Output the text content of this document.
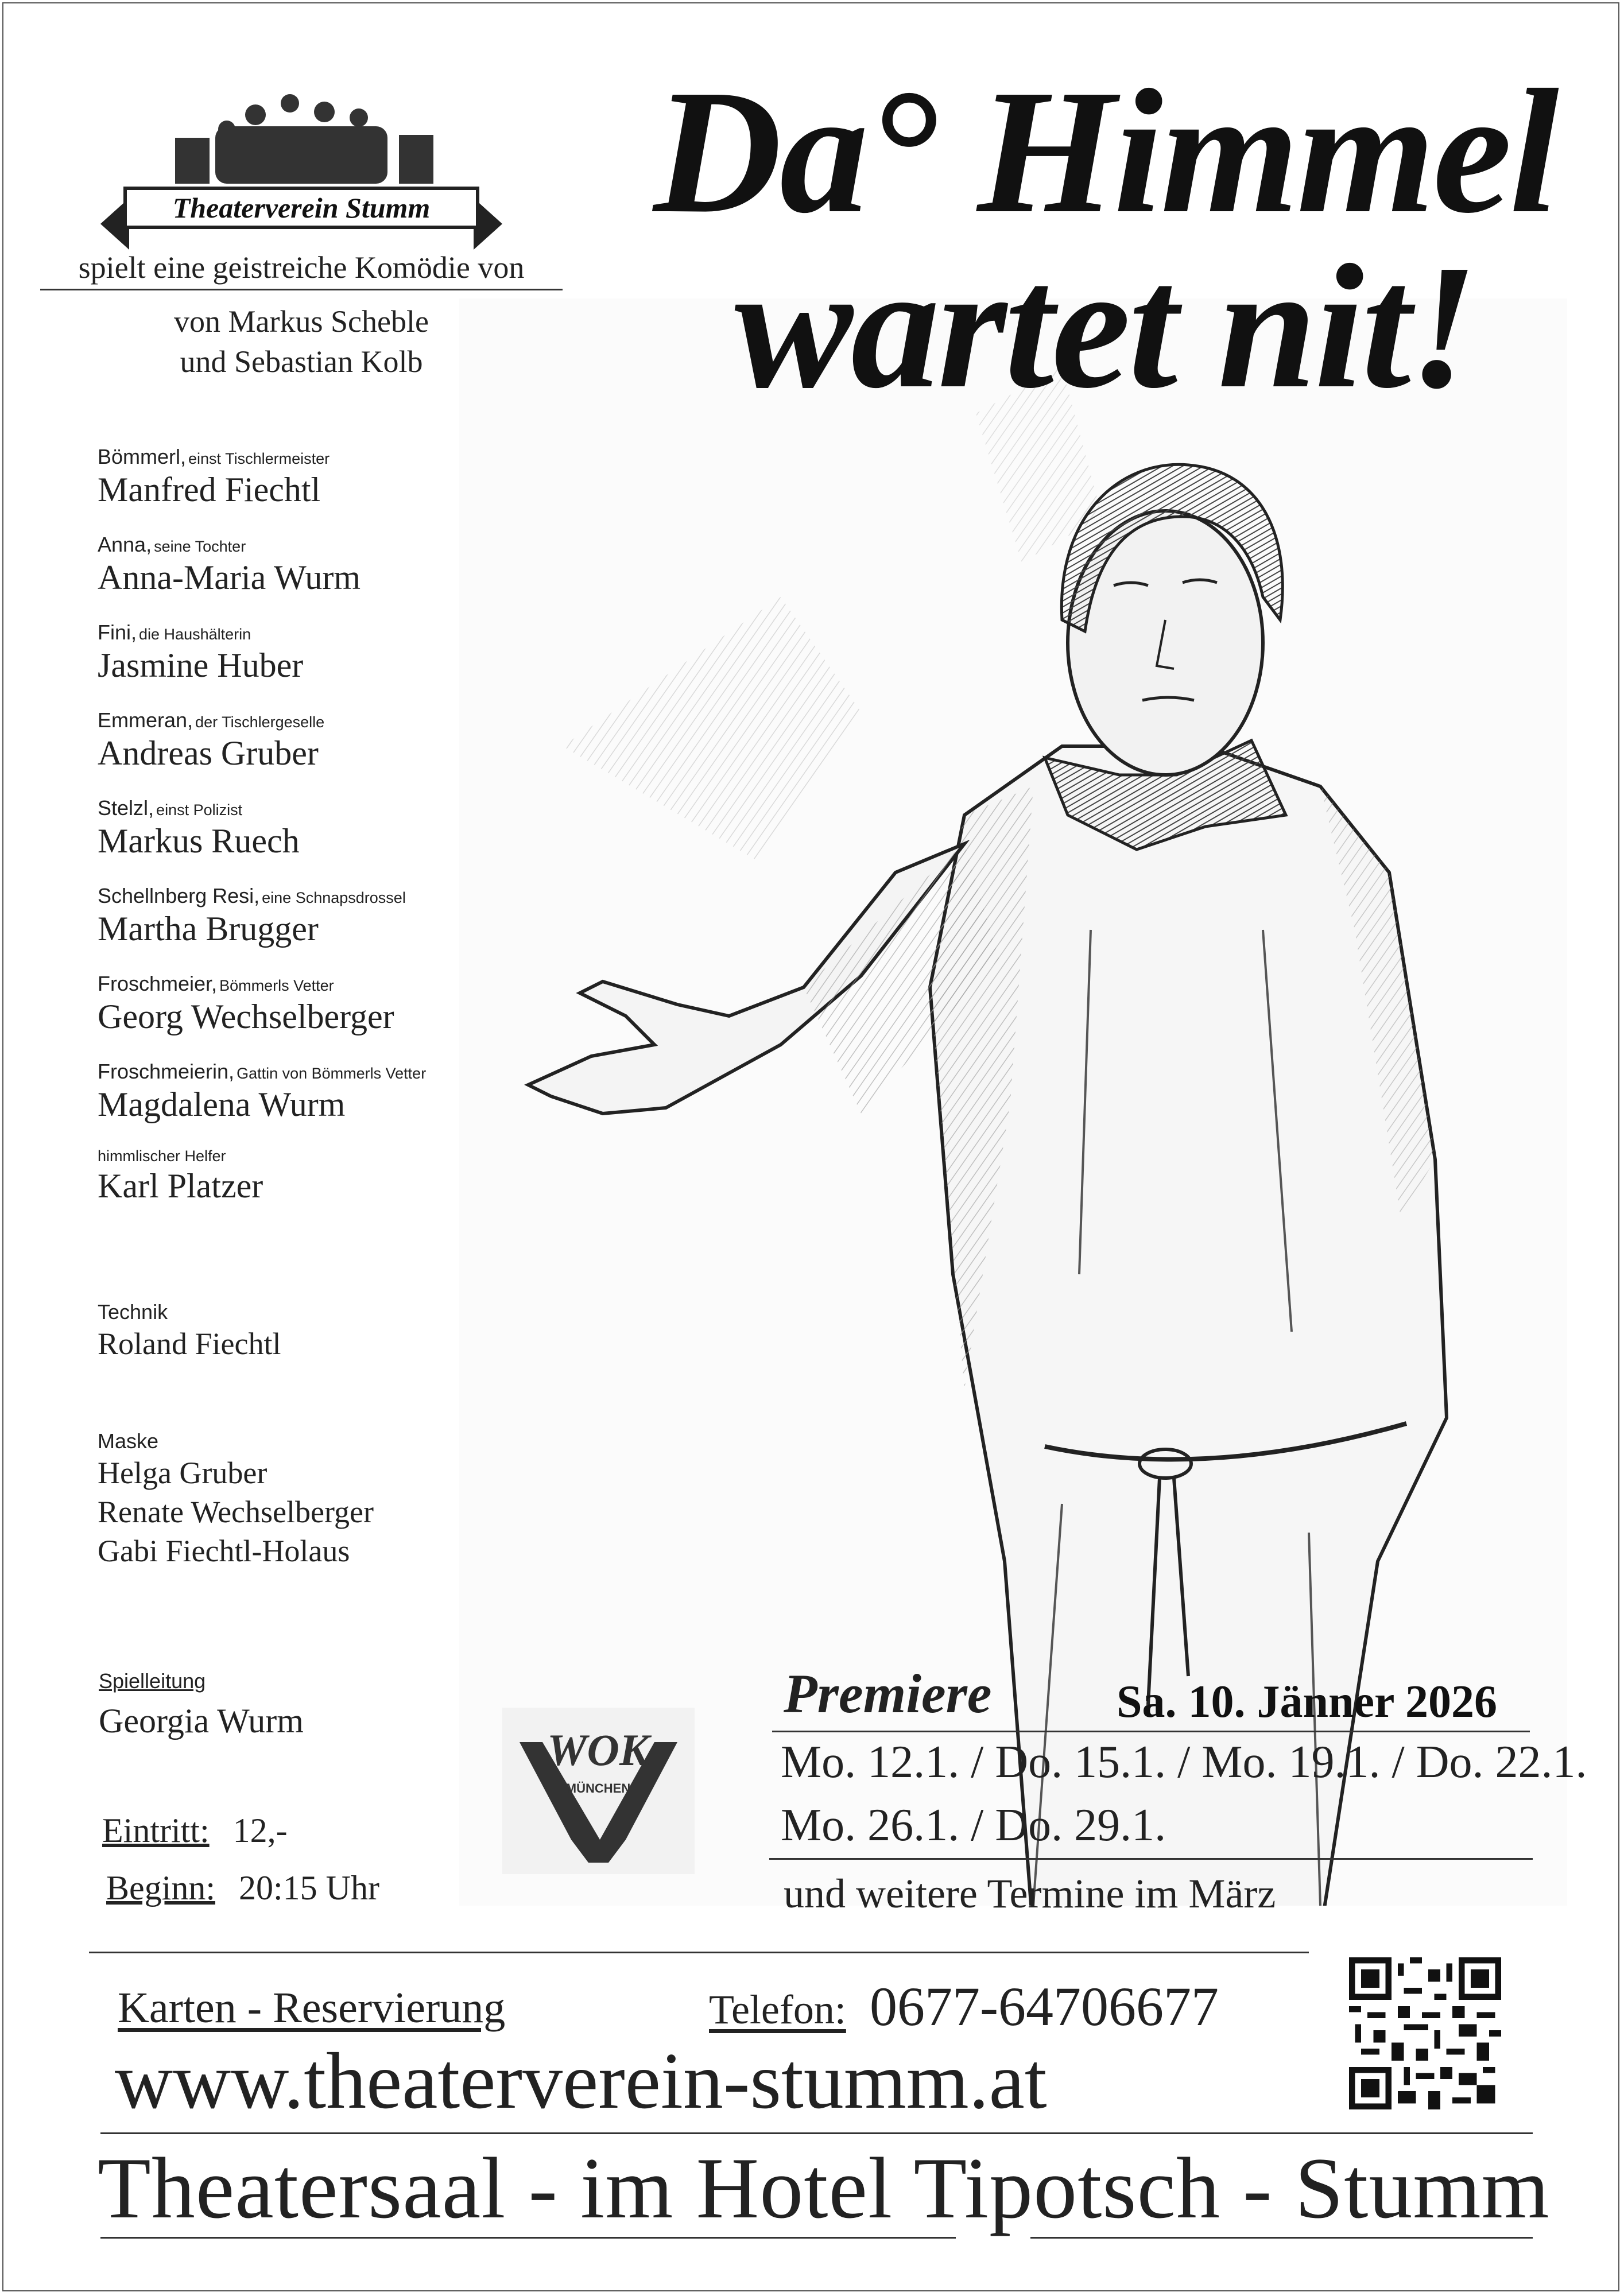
Theaterverein Stumm
spielt eine geistreiche Komödie von
von Markus Scheble
und Sebastian Kolb
Da° Himmel
wartet nit!
Bömmerl, einst Tischlermeister
Manfred Fiechtl
Anna, seine Tochter
Anna-Maria Wurm
Fini, die Haushälterin
Jasmine Huber
Emmeran, der Tischlergeselle
Andreas Gruber
Stelzl, einst Polizist
Markus Ruech
Schellnberg Resi, eine Schnapsdrossel
Martha Brugger
Froschmeier, Bömmerls Vetter
Georg Wechselberger
Froschmeierin, Gattin von Bömmerls Vetter
Magdalena Wurm
himmlischer Helfer
Karl Platzer
Technik
Roland Fiechtl
Maske
Helga Gruber
Renate Wechselberger
Gabi Fiechtl-Holaus
Spielleitung
Georgia Wurm
Eintritt: 12,-
Beginn: 20:15 Uhr
WOK
MÜNCHEN
Premiere	Sa. 10. Jänner 2026
Mo. 12.1. / Do. 15.1. / Mo. 19.1. / Do. 22.1.
Mo. 26.1. / Do. 29.1.
und weitere Termine im März
Karten - Reservierung	Telefon: 0677-64706677
www.theaterverein-stumm.at
Theatersaal - im Hotel Tipotsch - Stumm
